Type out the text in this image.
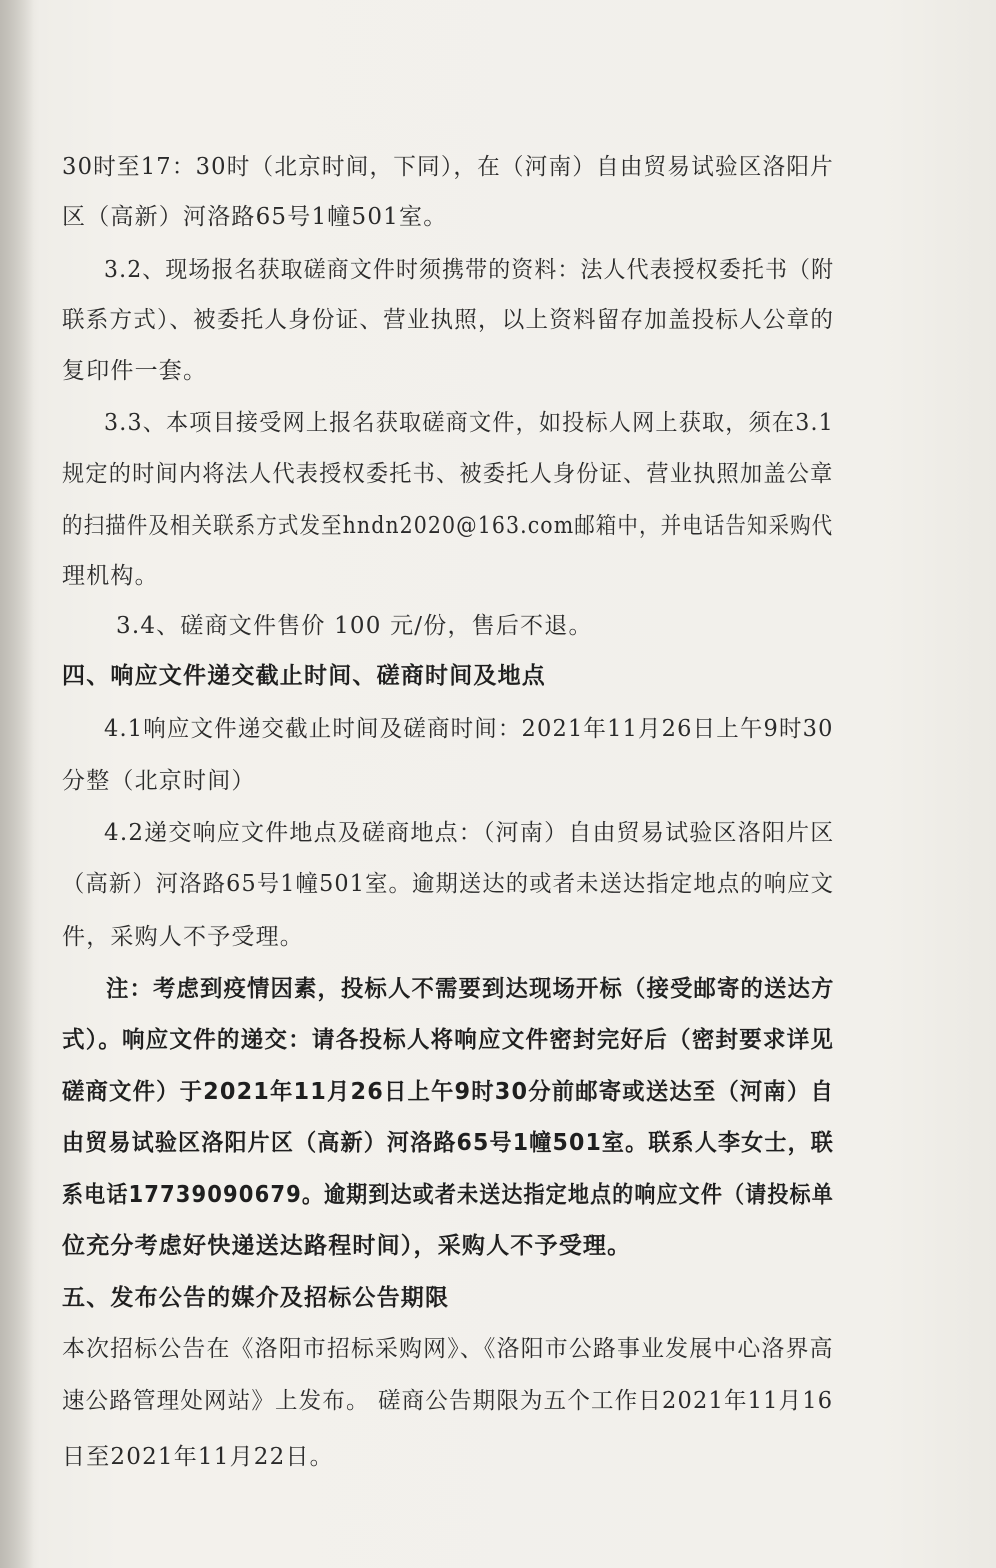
30时至17：30时（北京时间，下同），在（河南）自由贸易试验区洛阳片
区（高新）河洛路65号1幢501室。
3.2、现场报名获取磋商文件时须携带的资料：法人代表授权委托书（附
联系方式）、被委托人身份证、营业执照，以上资料留存加盖投标人公章的
复印件一套。
3.3、本项目接受网上报名获取磋商文件，如投标人网上获取，须在3.1
规定的时间内将法人代表授权委托书、被委托人身份证、营业执照加盖公章
的扫描件及相关联系方式发至hndn2020@163.com邮箱中，并电话告知采购代
理机构。
3.4、磋商文件售价 100 元/份，售后不退。
四、响应文件递交截止时间、磋商时间及地点
4.1响应文件递交截止时间及磋商时间：2021年11月26日上午9时30
分整（北京时间）
4.2递交响应文件地点及磋商地点：（河南）自由贸易试验区洛阳片区
（高新）河洛路65号1幢501室。逾期送达的或者未送达指定地点的响应文
件，采购人不予受理。
注：考虑到疫情因素，投标人不需要到达现场开标（接受邮寄的送达方
式）。响应文件的递交：请各投标人将响应文件密封完好后（密封要求详见
磋商文件）于2021年11月26日上午9时30分前邮寄或送达至（河南）自
由贸易试验区洛阳片区（高新）河洛路65号1幢501室。联系人李女士，联
系电话17739090679。逾期到达或者未送达指定地点的响应文件（请投标单
位充分考虑好快递送达路程时间），采购人不予受理。
五、发布公告的媒介及招标公告期限
本次招标公告在《洛阳市招标采购网》、《洛阳市公路事业发展中心洛界高
速公路管理处网站》上发布。 磋商公告期限为五个工作日2021年11月16
日至2021年11月22日。
